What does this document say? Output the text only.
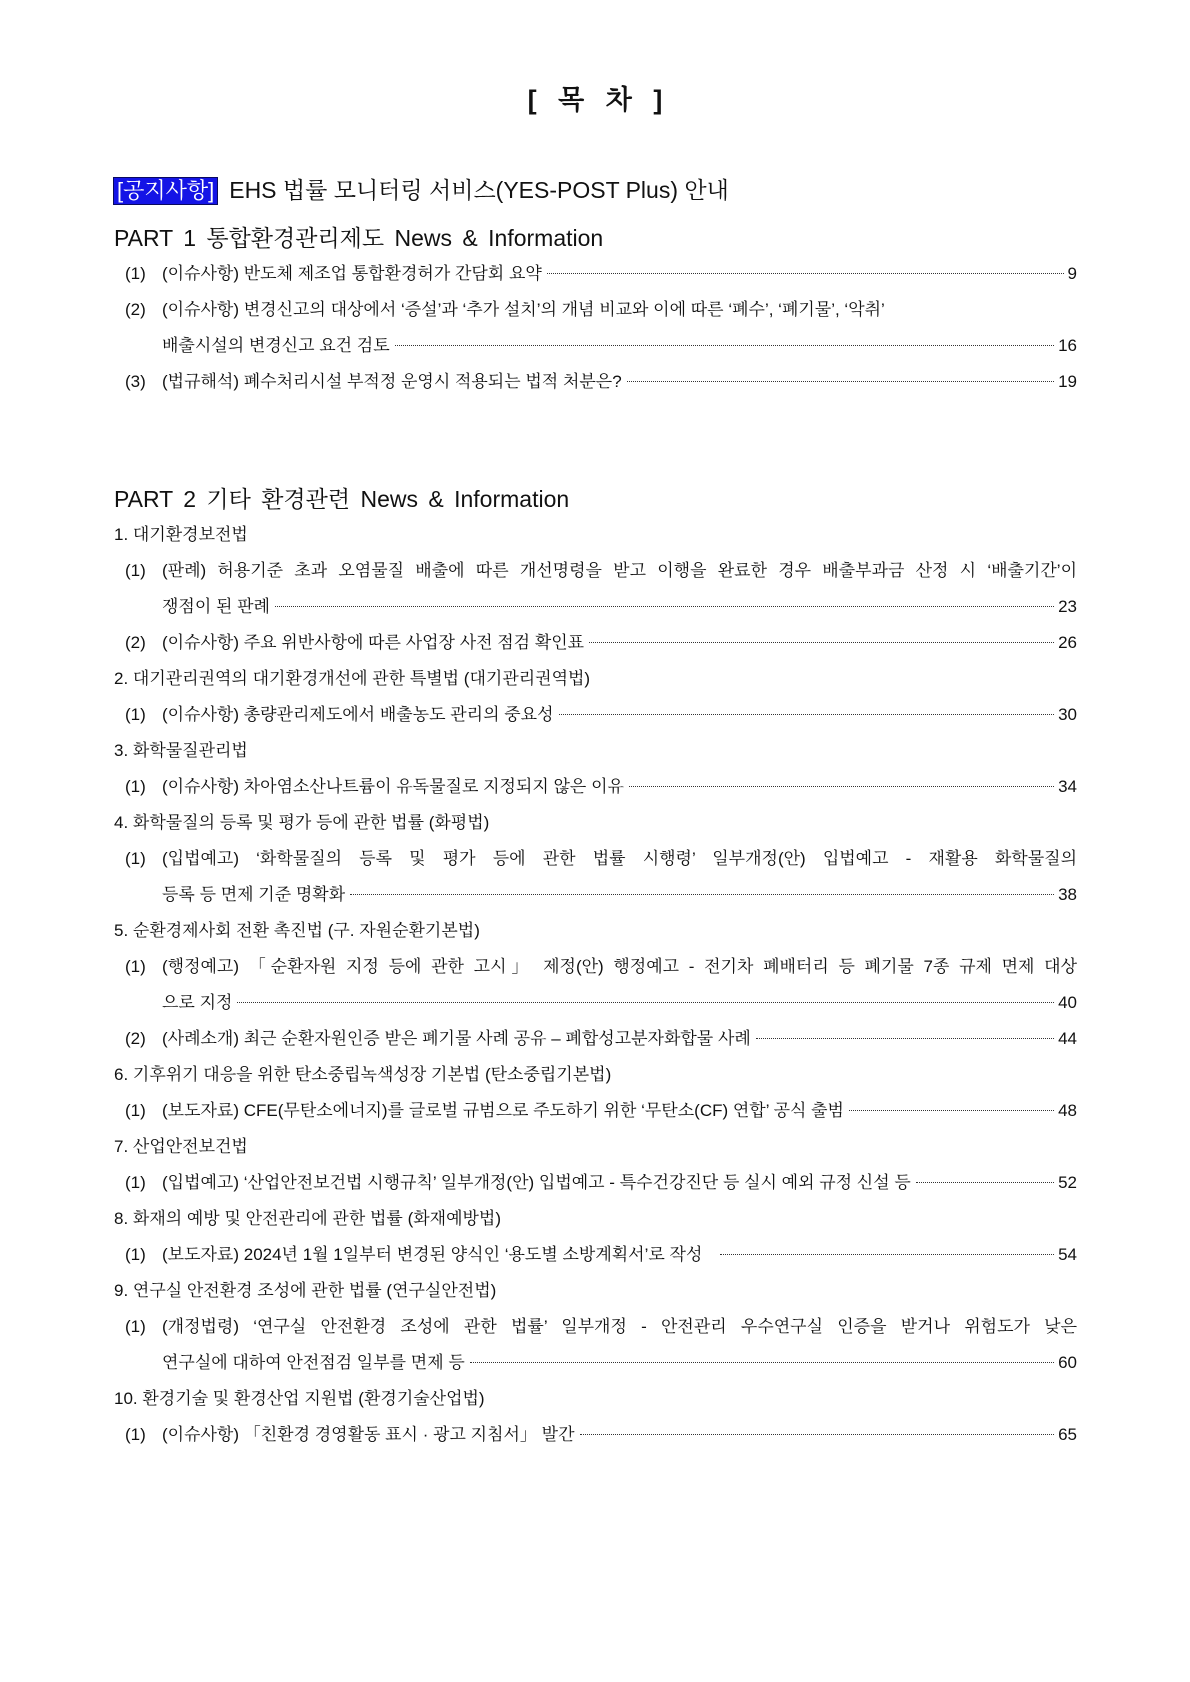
[ 목 차 ]
[공지사항] EHS 법률 모니터링 서비스(YES-POST Plus) 안내
PART 1 통합환경관리제도 News & Information
(1) (이슈사항) 반도체 제조업 통합환경허가 간담회 요약	9
(2) (이슈사항) 변경신고의 대상에서 ‘증설’과 ‘추가 설치’의 개념 비교와 이에 따른 ‘폐수’, ‘폐기물’, ‘악취’
배출시설의 변경신고 요건 검토	16
(3) (법규해석) 폐수처리시설 부적정 운영시 적용되는 법적 처분은?	19
PART 2 기타 환경관련 News & Information
1. 대기환경보전법
(1) (판례) 허용기준 초과 오염물질 배출에 따른 개선명령을 받고 이행을 완료한 경우 배출부과금 산정 시 ‘배출기간’이
쟁점이 된 판례	23
(2) (이슈사항) 주요 위반사항에 따른 사업장 사전 점검 확인표	26
2. 대기관리권역의 대기환경개선에 관한 특별법 (대기관리권역법)
(1) (이슈사항) 총량관리제도에서 배출농도 관리의 중요성	30
3. 화학물질관리법
(1) (이슈사항) 차아염소산나트륨이 유독물질로 지정되지 않은 이유	34
4. 화학물질의 등록 및 평가 등에 관한 법률 (화평법)
(1) (입법예고) ‘화학물질의 등록 및 평가 등에 관한 법률 시행령’ 일부개정(안) 입법예고 - 재활용 화학물질의
등록 등 면제 기준 명확화	38
5. 순환경제사회 전환 촉진법 (구. 자원순환기본법)
(1) (행정예고) 「순환자원 지정 등에 관한 고시」 제정(안) 행정예고 - 전기차 폐배터리 등 폐기물 7종 규제 면제 대상
으로 지정	40
(2) (사례소개) 최근 순환자원인증 받은 폐기물 사례 공유 – 폐합성고분자화합물 사례	44
6. 기후위기 대응을 위한 탄소중립녹색성장 기본법 (탄소중립기본법)
(1) (보도자료) CFE(무탄소에너지)를 글로벌 규범으로 주도하기 위한 ‘무탄소(CF) 연합’ 공식 출범	48
7. 산업안전보건법
(1) (입법예고) ‘산업안전보건법 시행규칙’ 일부개정(안) 입법예고 - 특수건강진단 등 실시 예외 규정 신설 등	52
8. 화재의 예방 및 안전관리에 관한 법률 (화재예방법)
(1) (보도자료) 2024년 1월 1일부터 변경된 양식인 ‘용도별 소방계획서’로 작성	54
9. 연구실 안전환경 조성에 관한 법률 (연구실안전법)
(1) (개정법령) ‘연구실 안전환경 조성에 관한 법률’ 일부개정 - 안전관리 우수연구실 인증을 받거나 위험도가 낮은
연구실에 대하여 안전점검 일부를 면제 등	60
10. 환경기술 및 환경산업 지원법 (환경기술산업법)
(1) (이슈사항) 「친환경 경영활동 표시 · 광고 지침서」 발간	65
